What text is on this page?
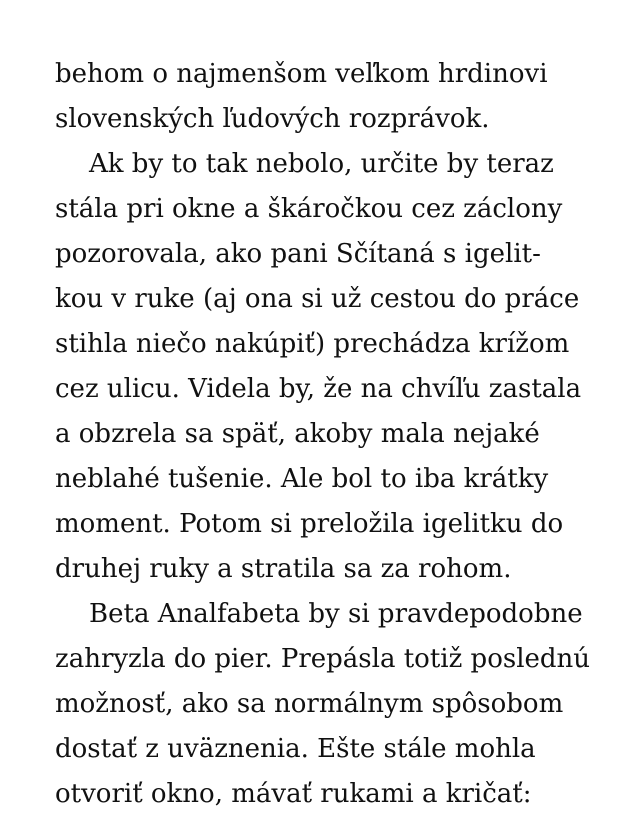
behom o najmenšom veľkom hrdinovi
slovenských ľudových rozprávok.
Ak by to tak nebolo, určite by teraz
stála pri okne a škáročkou cez záclony
pozorovala, ako pani Sčítaná s igelit-
kou v ruke (aj ona si už cestou do práce
stihla niečo nakúpiť) prechádza krížom
cez ulicu. Videla by, že na chvíľu zastala
a obzrela sa späť, akoby mala nejaké
neblahé tušenie. Ale bol to iba krátky
moment. Potom si preložila igelitku do
druhej ruky a stratila sa za rohom.
Beta Analfabeta by si pravdepodobne
zahryzla do pier. Prepásla totiž poslednú
možnosť, ako sa normálnym spôsobom
dostať z uväznenia. Ešte stále mohla
otvoriť okno, mávať rukami a kričať:
